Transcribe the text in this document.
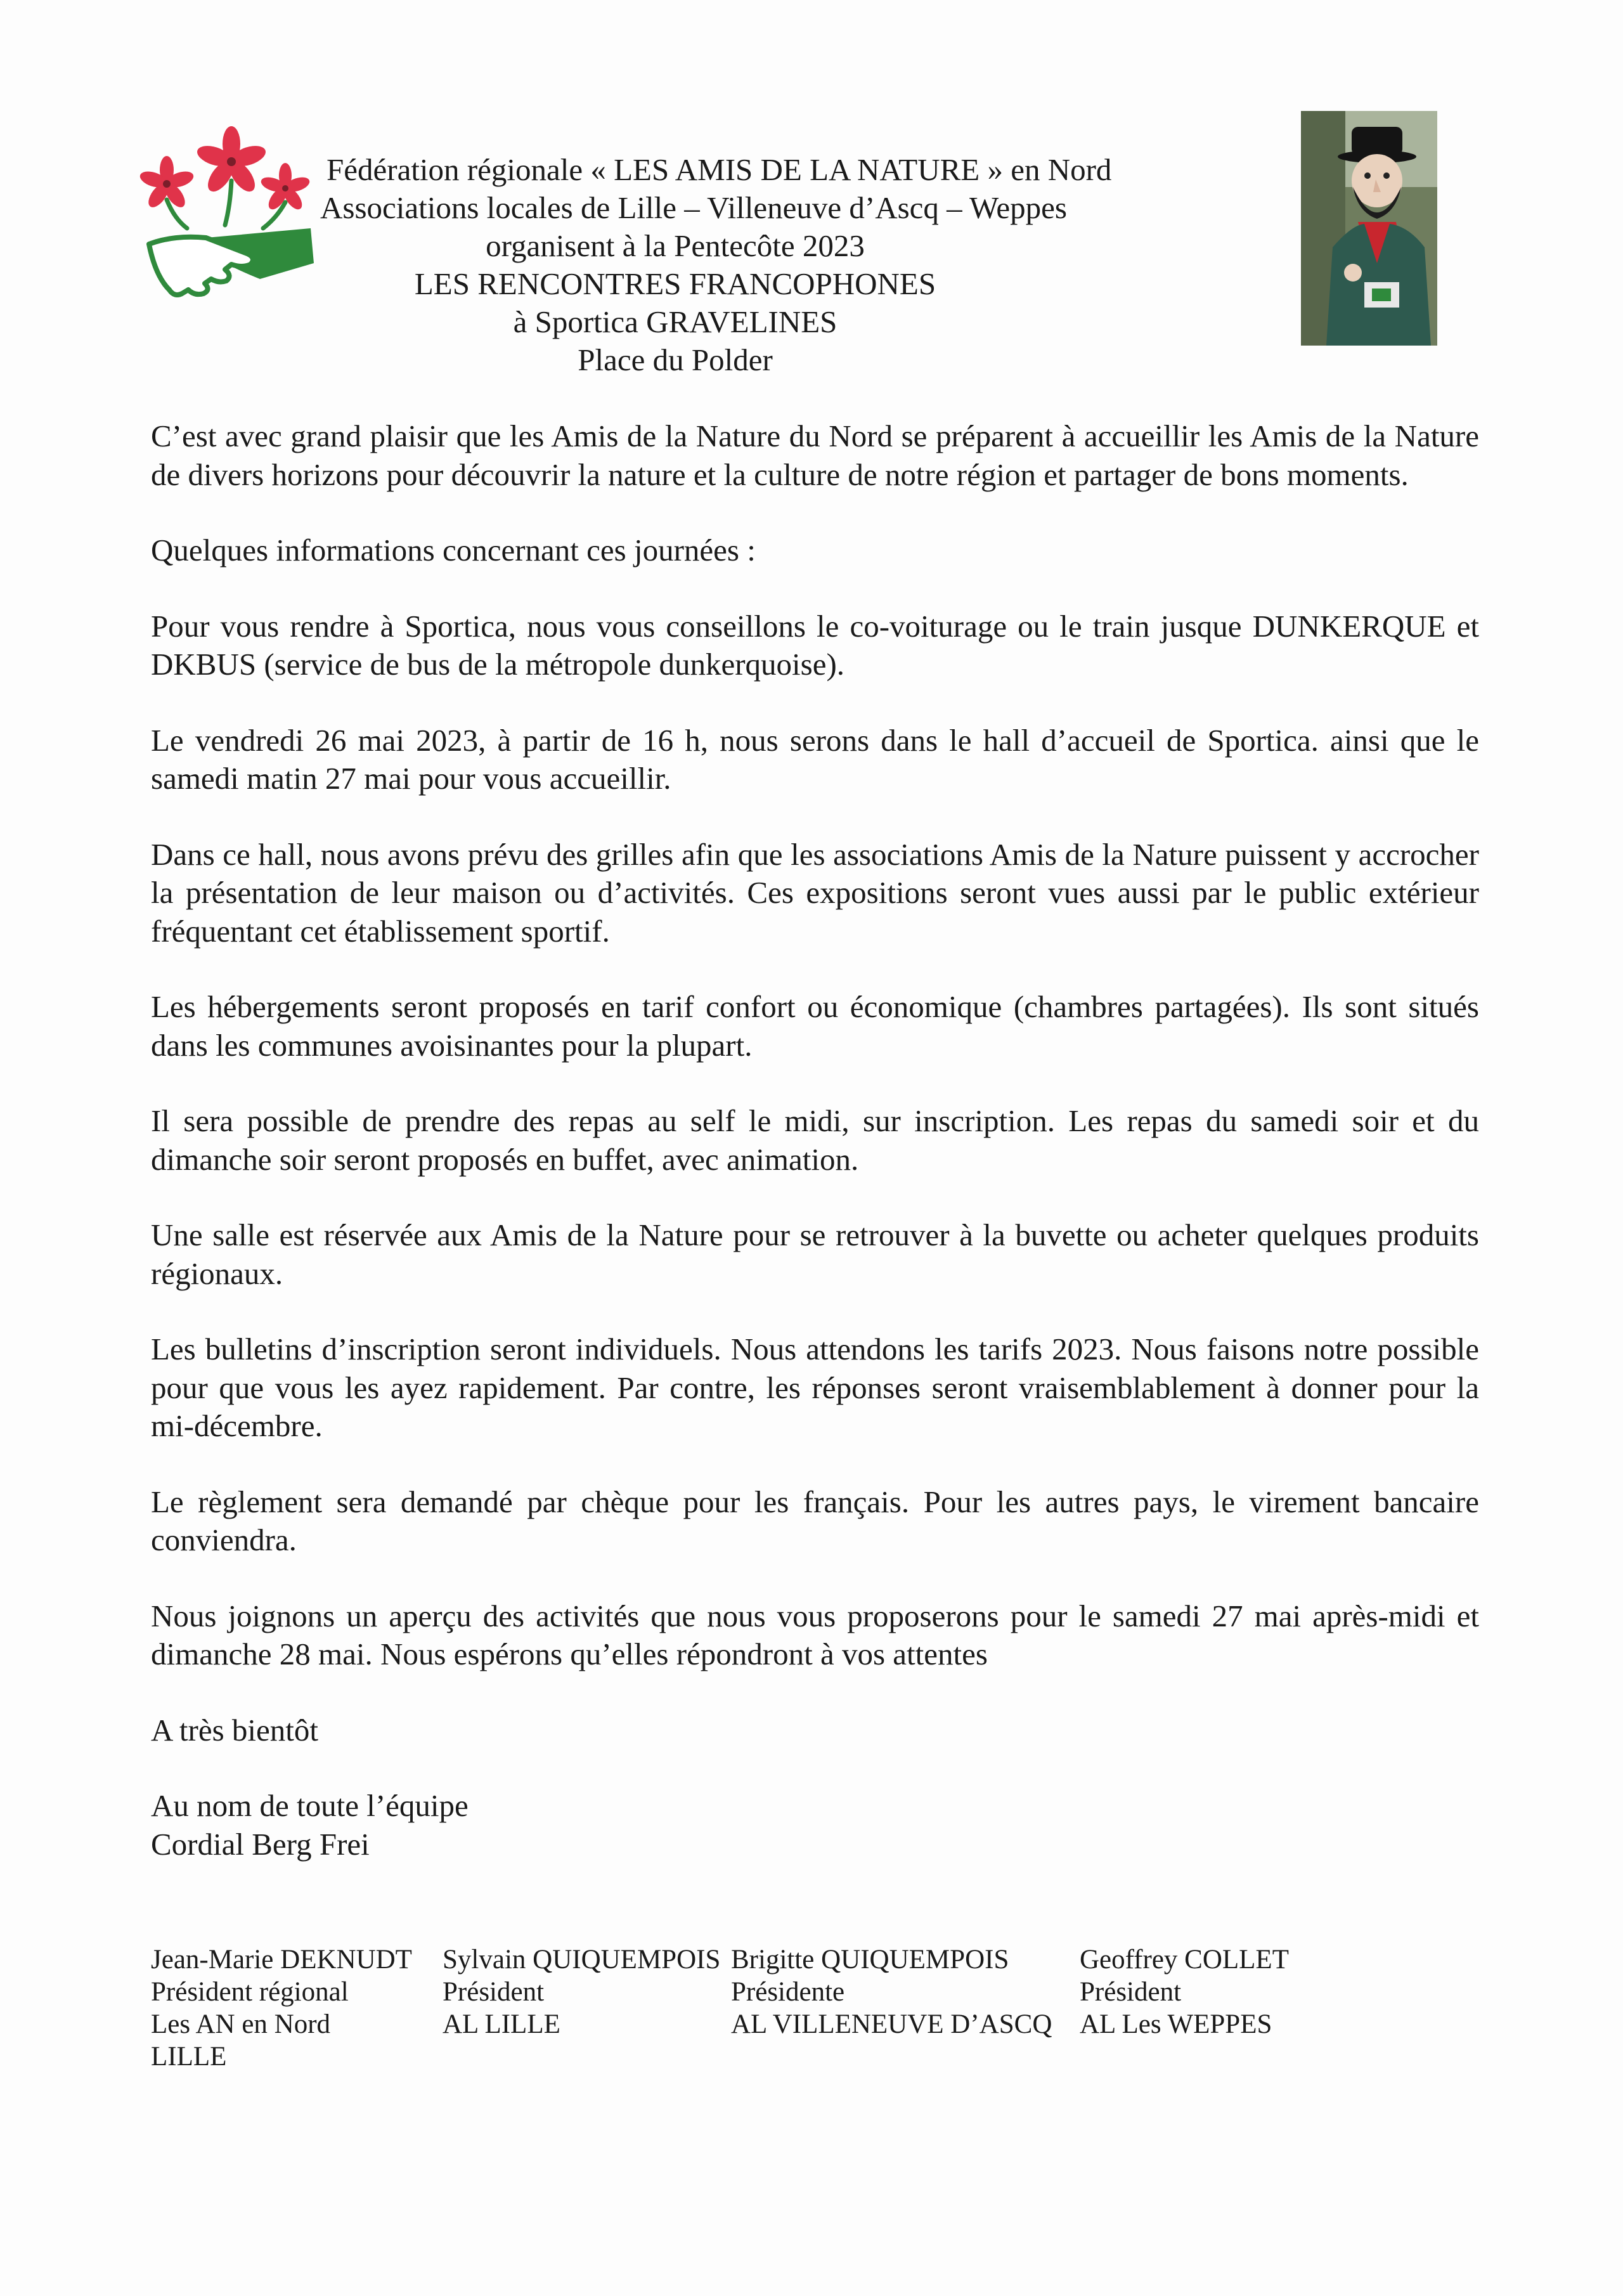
Fédération régionale « LES AMIS DE LA NATURE » en Nord
Associations locales de Lille – Villeneuve d’Ascq – Weppes
organisent à la Pentecôte 2023
LES RENCONTRES FRANCOPHONES
à Sportica GRAVELINES
Place du Polder

C’est avec grand plaisir que les Amis de la Nature du Nord se préparent à accueillir les Amis de la Nature de divers horizons pour découvrir la nature et la culture de notre région et partager de bons moments.

Quelques informations concernant ces journées :

Pour vous rendre à Sportica, nous vous conseillons le co-voiturage ou le train jusque DUNKERQUE et DKBUS (service de bus de la métropole dunkerquoise).

Le vendredi 26 mai 2023, à partir de 16 h, nous serons dans le hall d’accueil de Sportica. ainsi que le samedi matin 27 mai pour vous accueillir.

Dans ce hall, nous avons prévu des grilles afin que les associations Amis de la Nature puissent y accrocher la présentation de leur maison ou d’activités. Ces expositions seront vues aussi par le public extérieur fréquentant cet établissement sportif.

Les hébergements seront proposés en tarif confort ou économique (chambres partagées). Ils sont situés dans les communes avoisinantes pour la plupart.

Il sera possible de prendre des repas au self le midi, sur inscription. Les repas du samedi soir et du dimanche soir seront proposés en buffet, avec animation.

Une salle est réservée aux Amis de la Nature pour se retrouver à la buvette ou acheter quelques produits régionaux.

Les bulletins d’inscription seront individuels. Nous attendons les tarifs 2023. Nous faisons notre possible pour que vous les ayez rapidement. Par contre, les réponses seront vraisemblablement à donner pour la mi-décembre.

Le règlement sera demandé par chèque pour les français. Pour les autres pays, le virement bancaire conviendra.

Nous joignons un aperçu des activités que nous vous proposerons pour le samedi 27 mai après-midi et dimanche 28 mai. Nous espérons qu’elles répondront à vos attentes

A très bientôt

Au nom de toute l’équipe

Cordial Berg Frei

Jean-Marie DEKNUDT
Président régional
Les AN en Nord
LILLE
Sylvain QUIQUEMPOIS
Président
AL LILLE
Brigitte QUIQUEMPOIS
Présidente
AL VILLENEUVE D’ASCQ
Geoffrey COLLET
Président
AL Les WEPPES
